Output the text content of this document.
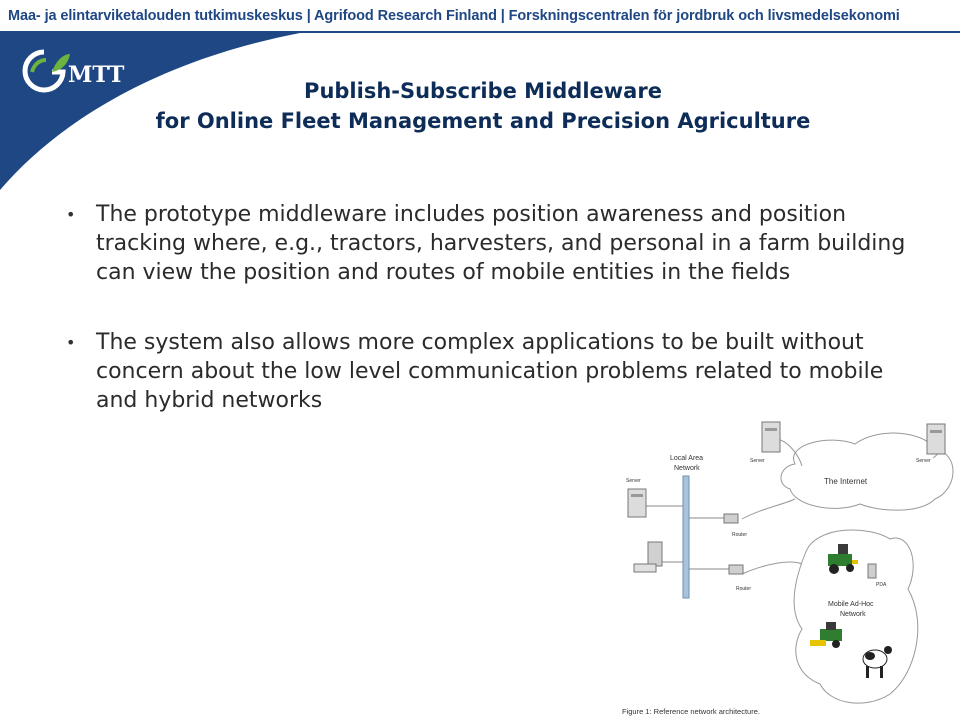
Maa- ja elintarviketalouden tutkimuskeskus | Agrifood Research Finland | Forskningscentralen för jordbruk och livsmedelsekonomi
MTT
Publish-Subscribe Middleware
for Online Fleet Management and Precision Agriculture
• The prototype middleware includes position awareness and position tracking where, e.g., tractors, harvesters, and personal in a farm building can view the position and routes of mobile entities in the fields
• The system also allows more complex applications to be built without concern about the low level communication problems related to mobile and hybrid networks
Local Area
Network
Server
Server	Server
The Internet
Router
Router
PDA
Mobile Ad-Hoc
Network
Figure 1: Reference network architecture.
